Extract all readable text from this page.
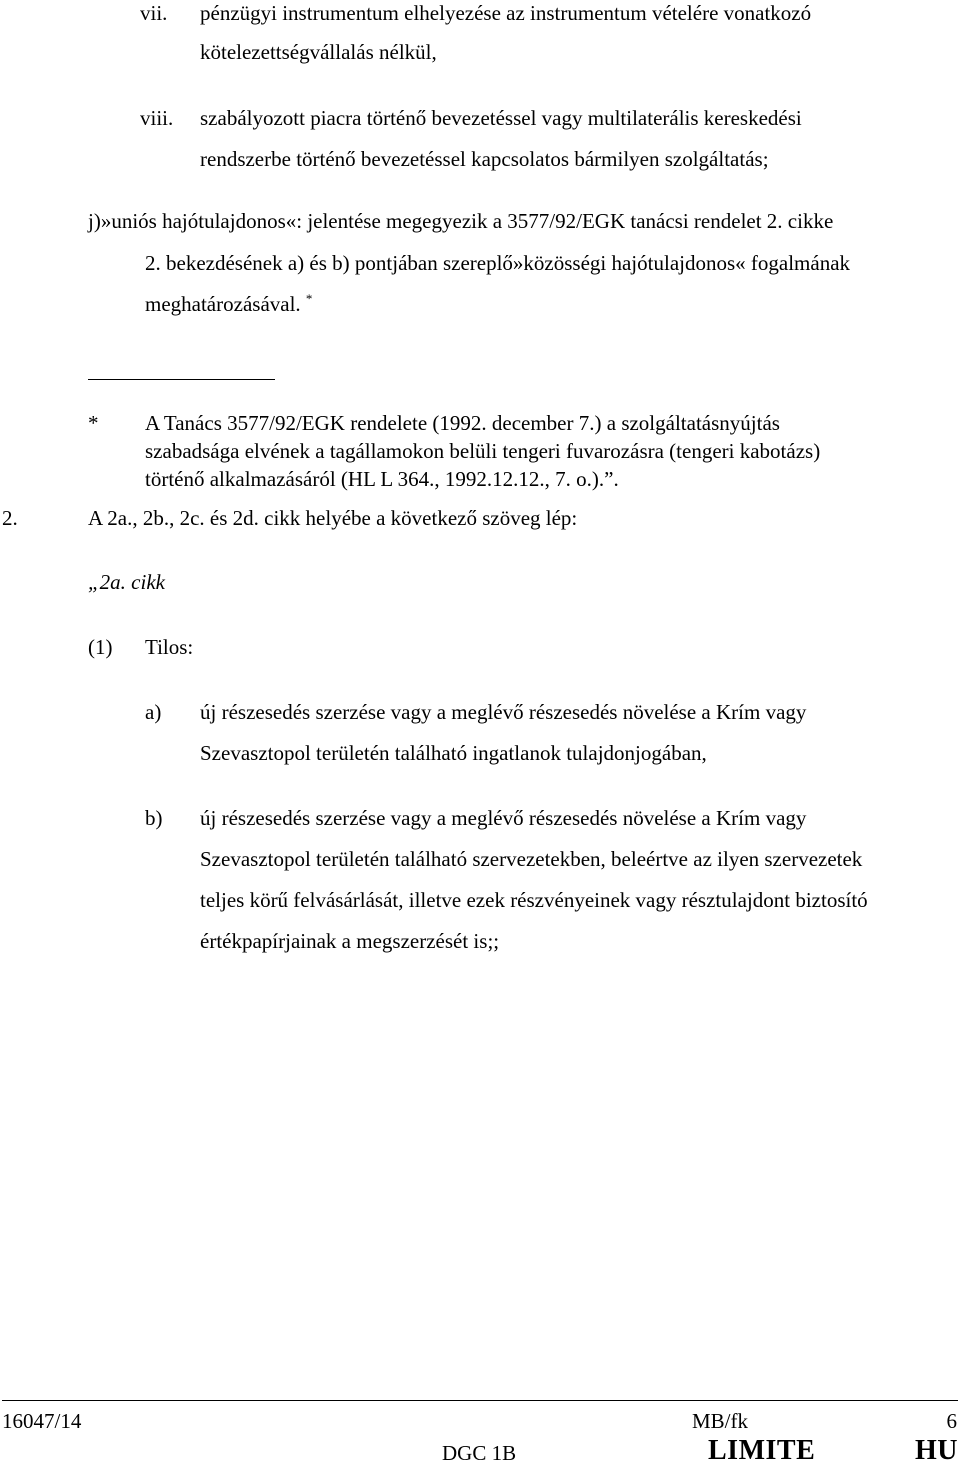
vii. pénzügyi instrumentum elhelyezése az instrumentum vételére vonatkozó
kötelezettségvállalás nélkül,
viii. szabályozott piacra történő bevezetéssel vagy multilaterális kereskedési
rendszerbe történő bevezetéssel kapcsolatos bármilyen szolgáltatás;
j)»uniós hajótulajdonos«: jelentése megegyezik a 3577/92/EGK tanácsi rendelet 2. cikke
2. bekezdésének a) és b) pontjában szereplő»közösségi hajótulajdonos« fogalmának
meghatározásával. *
* A Tanács 3577/92/EGK rendelete (1992. december 7.) a szolgáltatásnyújtás
szabadsága elvének a tagállamokon belüli tengeri fuvarozásra (tengeri kabotázs)
történő alkalmazásáról (HL L 364., 1992.12.12., 7. o.).”.
2.	A 2a., 2b., 2c. és 2d. cikk helyébe a következő szöveg lép:
„2a. cikk
(1) Tilos:
a) új részesedés szerzése vagy a meglévő részesedés növelése a Krím vagy
Szevasztopol területén található ingatlanok tulajdonjogában,
b) új részesedés szerzése vagy a meglévő részesedés növelése a Krím vagy
Szevasztopol területén található szervezetekben, beleértve az ilyen szervezetek
teljes körű felvásárlását, illetve ezek részvényeinek vagy résztulajdont biztosító
értékpapírjainak a megszerzését is;;
16047/14	MB/fk	6
DGC 1B	LIMITE	HU
